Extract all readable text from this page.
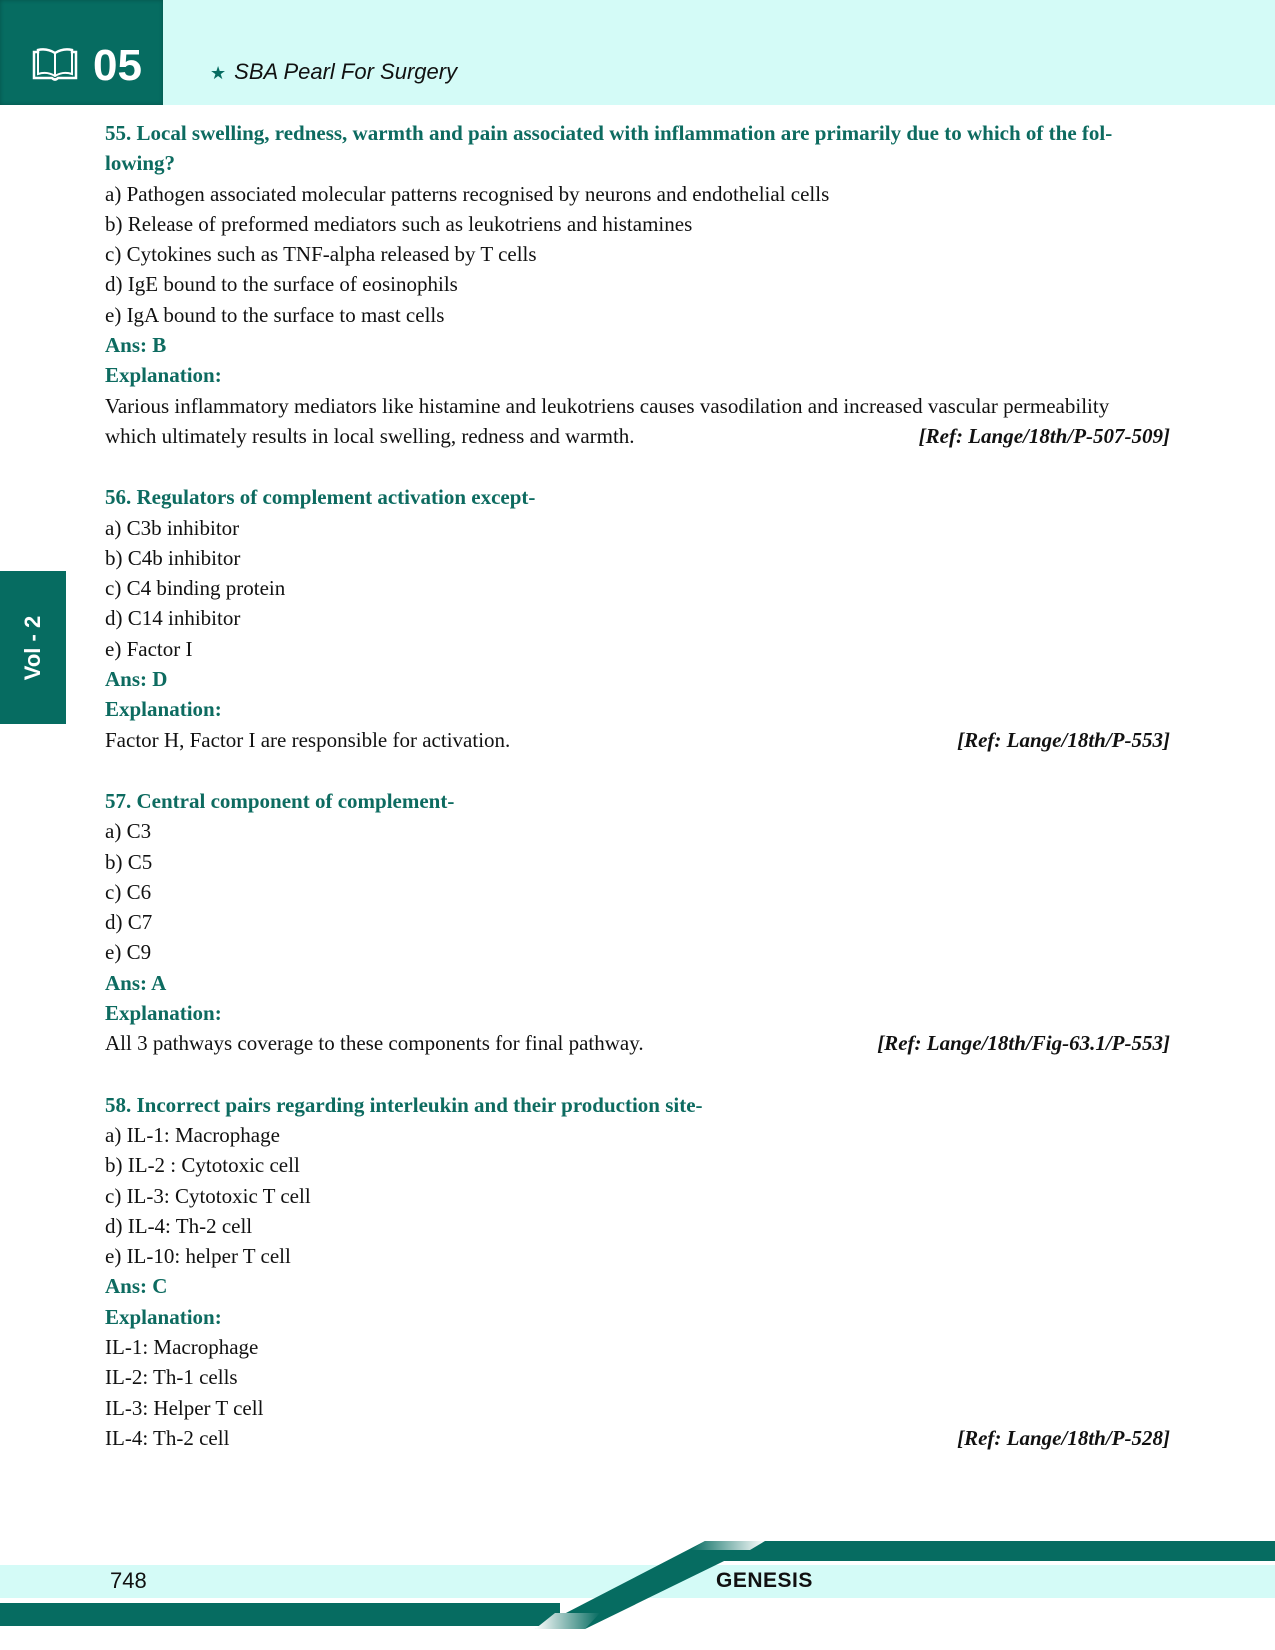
05	★ SBA Pearl For Surgery
Vol - 2
55. Local swelling, redness, warmth and pain associated with inflammation are primarily due to which of the fol-
lowing?
a) Pathogen associated molecular patterns recognised by neurons and endothelial cells
b) Release of preformed mediators such as leukotriens and histamines
c) Cytokines such as TNF-alpha released by T cells
d) IgE bound to the surface of eosinophils
e) IgA bound to the surface to mast cells
Ans: B
Explanation:
Various inflammatory mediators like histamine and leukotriens causes vasodilation and increased vascular permeability
which ultimately results in local swelling, redness and warmth.	[Ref: Lange/18th/P-507-509]
56. Regulators of complement activation except-
a) C3b inhibitor
b) C4b inhibitor
c) C4 binding protein
d) C14 inhibitor
e) Factor I
Ans: D
Explanation:
Factor H, Factor I are responsible for activation.	[Ref: Lange/18th/P-553]
57. Central component of complement-
a) C3
b) C5
c) C6
d) C7
e) C9
Ans: A
Explanation:
All 3 pathways coverage to these components for final pathway.	[Ref: Lange/18th/Fig-63.1/P-553]
58. Incorrect pairs regarding interleukin and their production site-
a) IL-1: Macrophage
b) IL-2 : Cytotoxic cell
c) IL-3: Cytotoxic T cell
d) IL-4: Th-2 cell
e) IL-10: helper T cell
Ans: C
Explanation:
IL-1: Macrophage
IL-2: Th-1 cells
IL-3: Helper T cell
IL-4: Th-2 cell	[Ref: Lange/18th/P-528]
748	GENESIS
